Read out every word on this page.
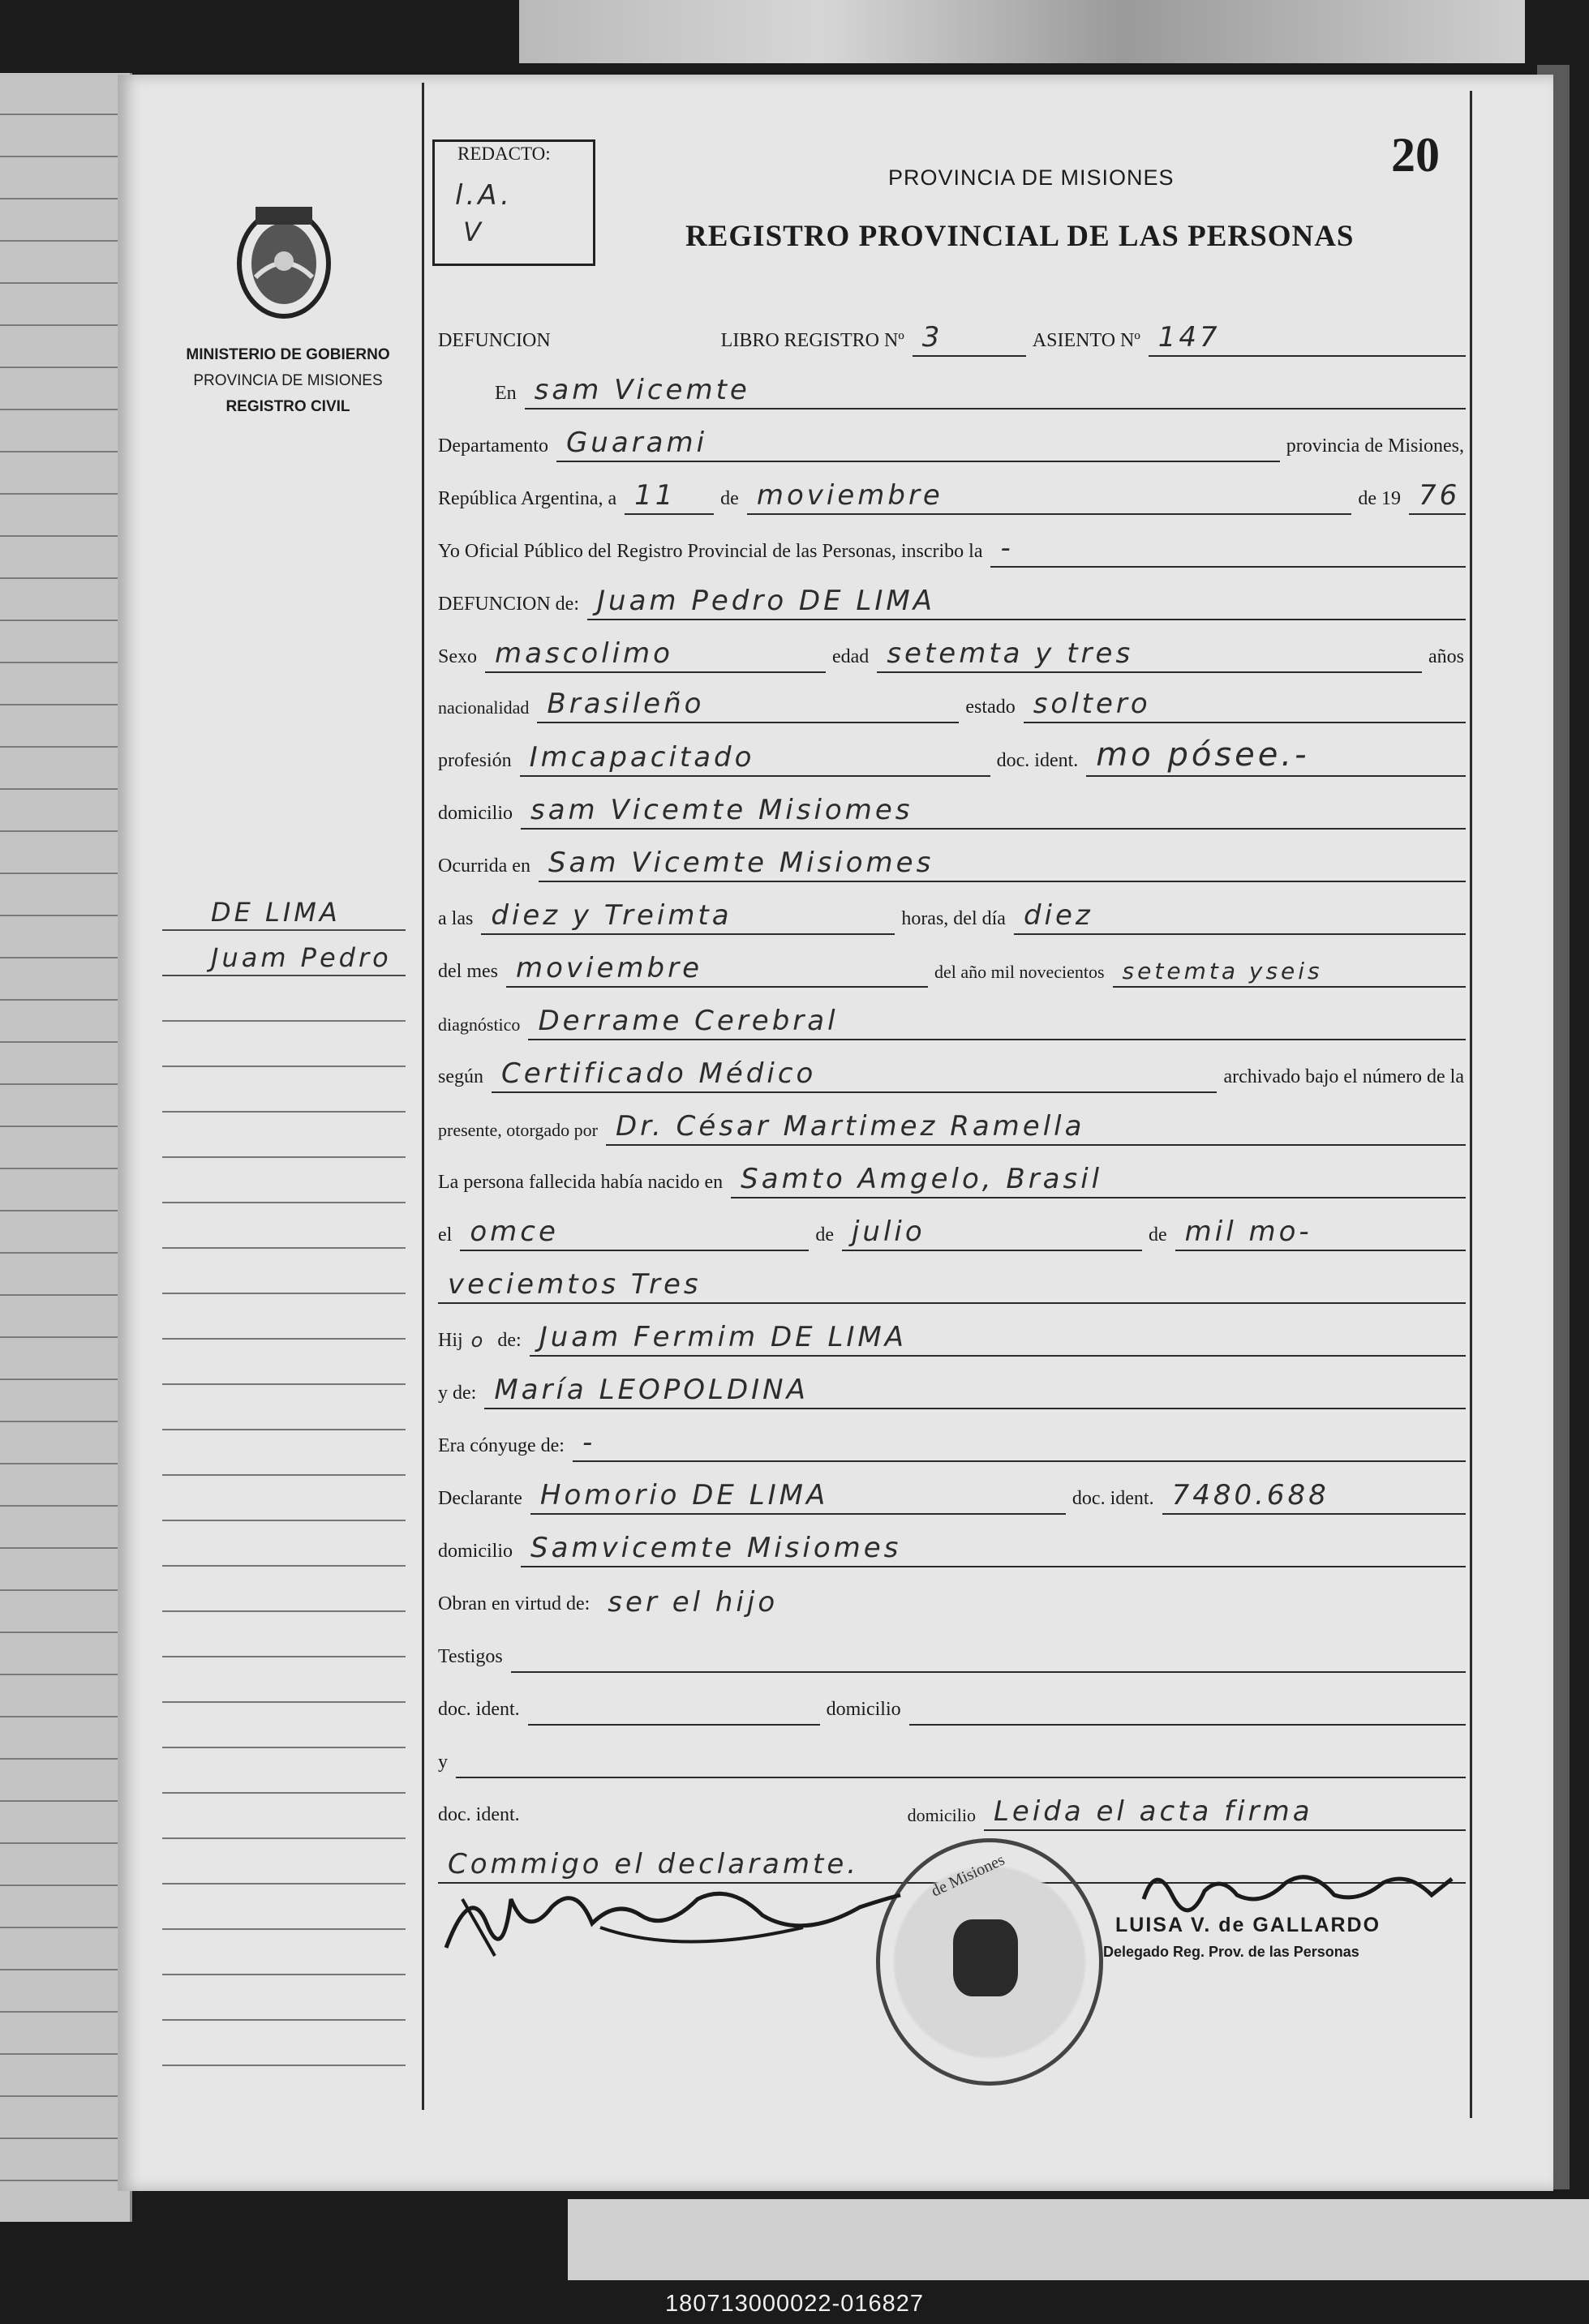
MINISTERIO DE GOBIERNO
PROVINCIA DE MISIONES
REGISTRO CIVIL
DE LIMA
Juam Pedro
REDACTO:
l.A.
V
20
PROVINCIA DE MISIONES
REGISTRO PROVINCIAL DE LAS PERSONAS
DEFUNCION	LIBRO REGISTRO Nº 3	ASIENTO Nº 147
En sam Vicemte
Departamento Guarami	provincia de Misiones,
República Argentina, a 11 de moviembre	de 19 76
Yo Oficial Público del Registro Provincial de las Personas, inscribo la -
DEFUNCION de: Juam Pedro DE LIMA
Sexo mascolimo	edad setemta y tres	años
nacionalidad Brasileño	estado soltero
profesión Imcapacitado	doc. ident. mo pósee.-
domicilio sam Vicemte Misiomes
Ocurrida en Sam Vicemte Misiomes
a las diez y Treimta	horas, del día diez
del mes moviembre	del año mil novecientos setemta yseis
diagnóstico Derrame Cerebral
según Certificado Médico	archivado bajo el número de la
presente, otorgado por Dr. César Martimez Ramella
La persona fallecida había nacido en Samto Amgelo, Brasil
el omce	de julio	de mil mo-
veciemtos Tres
Hij o de: Juam Fermim DE LIMA
y de: María LEOPOLDINA
Era cónyuge de: -
Declarante Homorio DE LIMA	doc. ident. 7480.688
domicilio Samvicemte Misiomes
Obran en virtud de: ser el hijo
Testigos
doc. ident.	domicilio
y
doc. ident.	domicilio Leida el acta firma
Commigo el declaramte.	de Misiones
LUISA V. de GALLARDO
Delegado Reg. Prov. de las Personas
180713000022-016827
